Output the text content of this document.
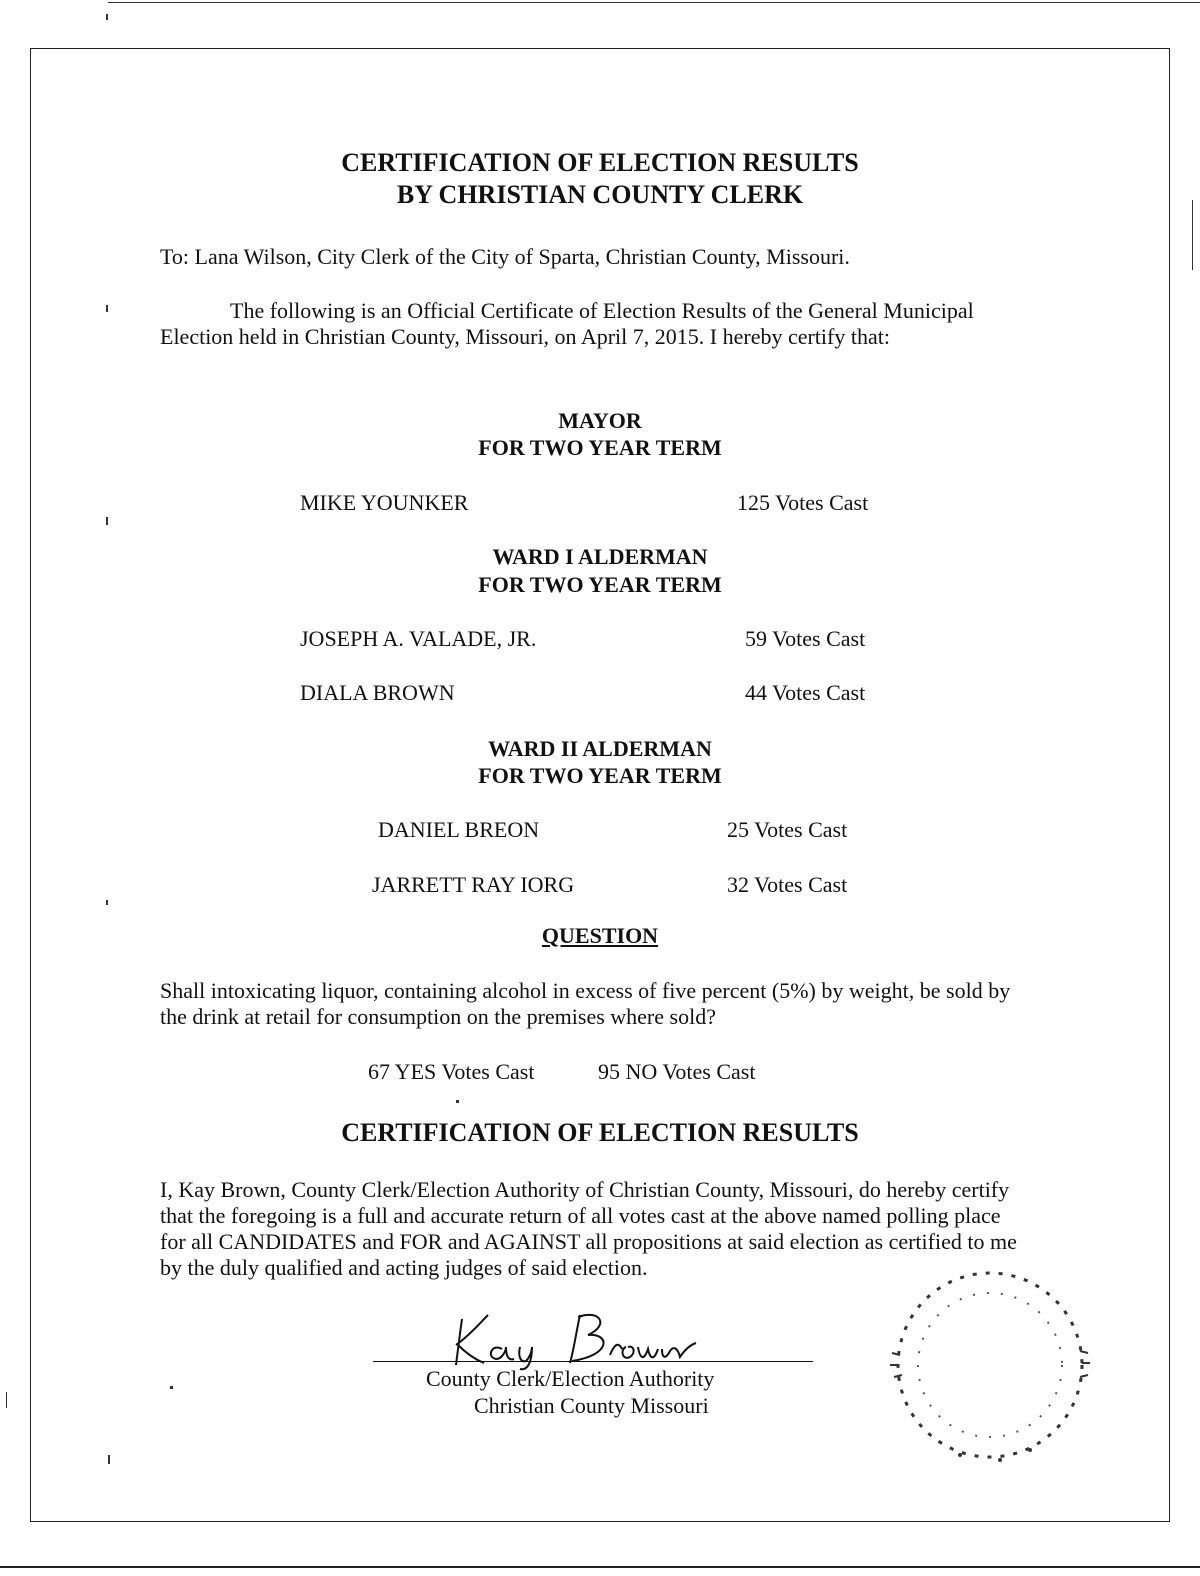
CERTIFICATION OF ELECTION RESULTS
BY CHRISTIAN COUNTY CLERK
To: Lana Wilson, City Clerk of the City of Sparta, Christian County, Missouri.
The following is an Official Certificate of Election Results of the General Municipal Election held in Christian County, Missouri, on April 7, 2015. I hereby certify that:
MAYOR
FOR TWO YEAR TERM
MIKE YOUNKER	125 Votes Cast
WARD I ALDERMAN
FOR TWO YEAR TERM
JOSEPH A. VALADE, JR.	59 Votes Cast
DIALA BROWN	44 Votes Cast
WARD II ALDERMAN
FOR TWO YEAR TERM
DANIEL BREON	25 Votes Cast
JARRETT RAY IORG	32 Votes Cast
QUESTION
Shall intoxicating liquor, containing alcohol in excess of five percent (5%) by weight, be sold by the drink at retail for consumption on the premises where sold?
67 YES Votes Cast	95 NO Votes Cast
CERTIFICATION OF ELECTION RESULTS
I, Kay Brown, County Clerk/Election Authority of Christian County, Missouri, do hereby certify that the foregoing is a full and accurate return of all votes cast at the above named polling place for all CANDIDATES and FOR and AGAINST all propositions at said election as certified to me by the duly qualified and acting judges of said election.
County Clerk/Election Authority
Christian County Missouri
